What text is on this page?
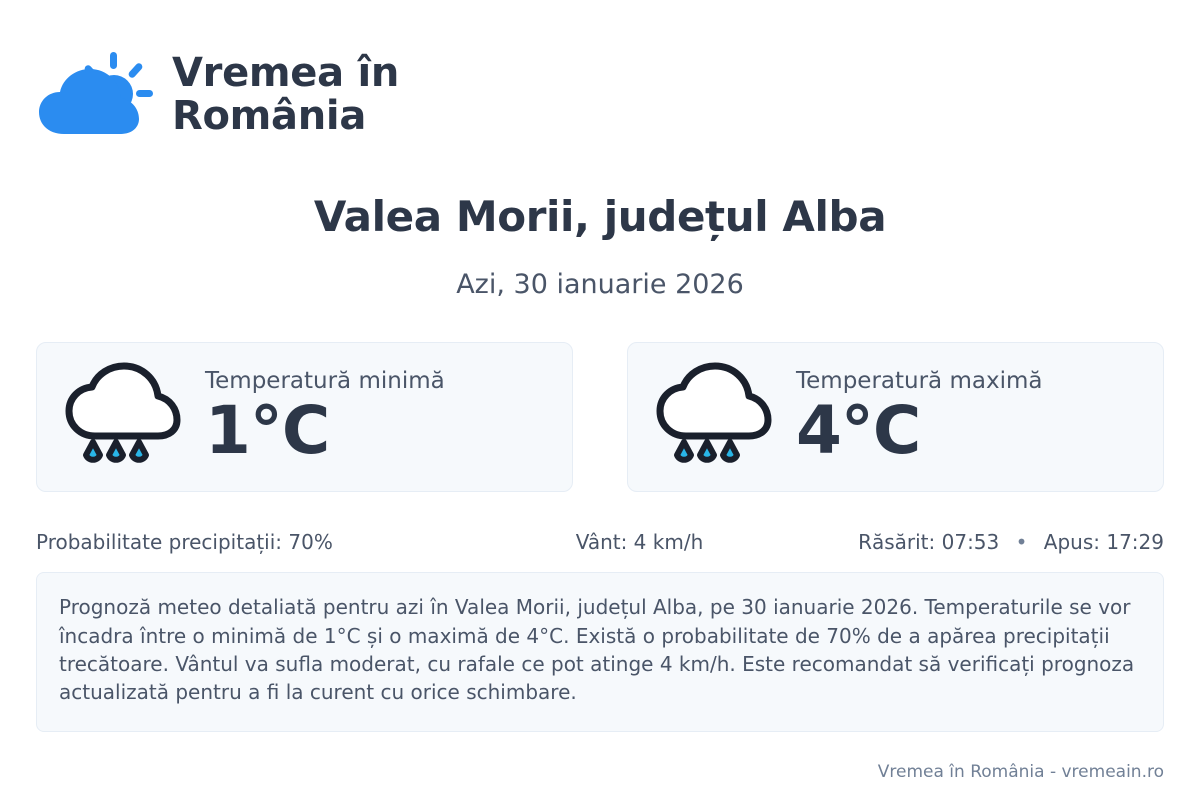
Vremea în
România
Valea Morii, județul Alba
Azi, 30 ianuarie 2026
Temperatură minimă
1°C
Temperatură maximă
4°C
Probabilitate precipitații: 70%	Vânt: 4 km/h	Răsărit: 07:53 • Apus: 17:29
Prognoză meteo detaliată pentru azi în Valea Morii, județul Alba, pe 30 ianuarie 2026. Temperaturile se vor încadra între o minimă de 1°C și o maximă de 4°C. Există o probabilitate de 70% de a apărea precipitații trecătoare. Vântul va sufla moderat, cu rafale ce pot atinge 4 km/h. Este recomandat să verificați prognoza actualizată pentru a fi la curent cu orice schimbare.
Vremea în România - vremeain.ro
